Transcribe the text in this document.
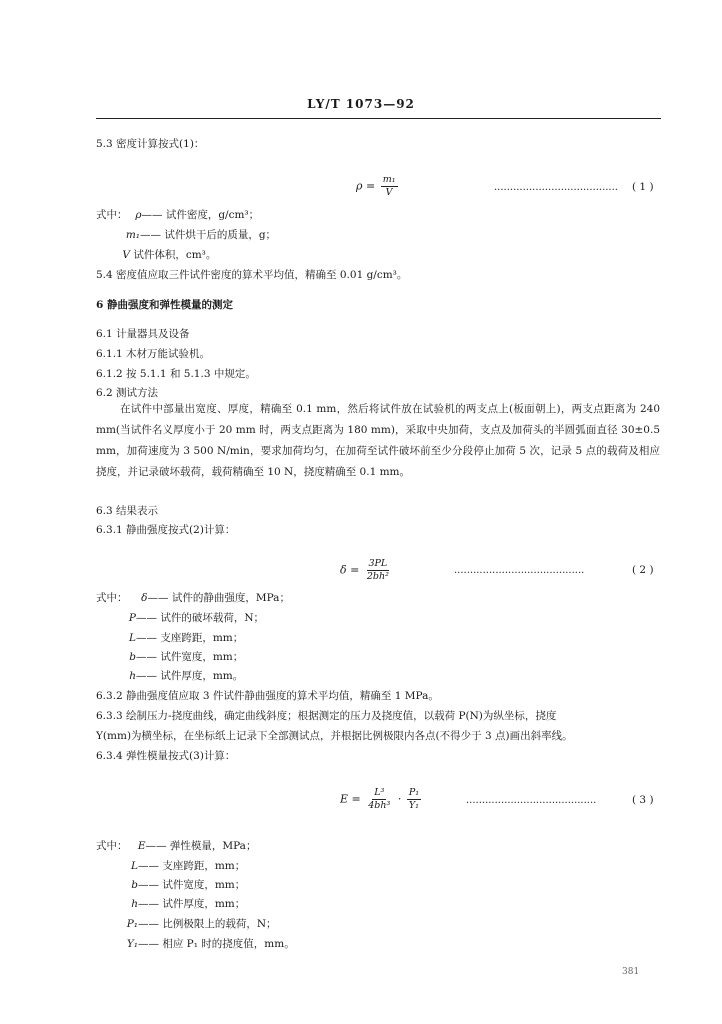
LY/T 1073—92
5.3 密度计算按式(1)：
$\rho = \frac{\text{m₁}}{V}$	....................................... ( 1 )
式中： ρ—— 试件密度，g/cm³；
m₁—— 试件烘干后的质量，g；
V 试件体积，cm³。
5.4 密度值应取三件试件密度的算术平均值，精确至 0.01 g/cm³。
6 静曲强度和弹性模量的测定
6.1 计量器具及设备
6.1.1 木材万能试验机。
6.1.2 按 5.1.1 和 5.1.3 中规定。
6.2 测试方法
在试件中部量出宽度、厚度，精确至 0.1 mm，然后将试件放在试验机的两支点上(板面朝上)，两支点距离为 240 mm(当试件名义厚度小于 20 mm 时，两支点距离为 180 mm)，采取中央加荷，支点及加荷头的半圆弧面直径 30±0.5 mm，加荷速度为 3 500 N/min，要求加荷均匀，在加荷至试件破坏前至少分段停止加荷 5 次，记录 5 点的载荷及相应挠度，并记录破坏载荷，载荷精确至 10 N，挠度精确至 0.1 mm。
6.3 结果表示
6.3.1 静曲强度按式(2)计算：
$\delta = \frac{3PL}{\text{2bh²}}$	.........................................	( 2 )
式中： δ—— 试件的静曲强度，MPa；
P—— 试件的破坏载荷，N；
L—— 支座跨距，mm；
b—— 试件宽度，mm；
h—— 试件厚度，mm。
6.3.2 静曲强度值应取 3 件试件静曲强度的算术平均值，精确至 1 MPa。
6.3.3 绘制压力-挠度曲线，确定曲线斜度；根据测定的压力及挠度值，以载荷 P(N)为纵坐标，挠度
Y(mm)为横坐标，在坐标纸上记录下全部测试点，并根据比例极限内各点(不得少于 3 点)画出斜率线。
6.3.4 弹性模量按式(3)计算：
$E = \frac{\text{L³}}{\text{4bh³}} \cdot \frac{\text{P₁}}{\text{Y₁}}$	.........................................	( 3 )
式中： E—— 弹性模量，MPa；
L—— 支座跨距，mm；
b—— 试件宽度，mm；
h—— 试件厚度，mm；
P₁—— 比例极限上的载荷，N；
Y₁—— 相应 P₁ 时的挠度值，mm。
381
